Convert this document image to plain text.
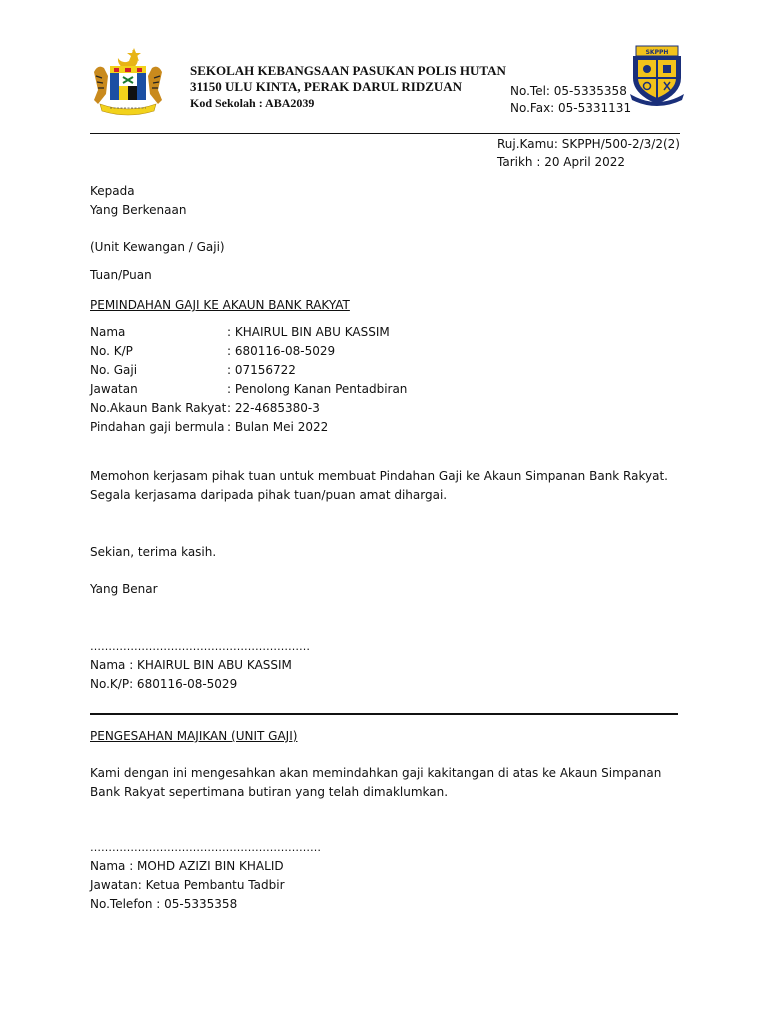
SEKOLAH KEBANGSAAN PASUKAN POLIS HUTAN
31150 ULU KINTA, PERAK DARUL RIDZUAN
Kod Sekolah : ABA2039
No.Tel: 05-5335358
No.Fax: 05-5331131
SKPPH
Ruj.Kamu: SKPPH/500-2/3/2(2)
Tarikh : 20 April 2022
Kepada
Yang Berkenaan
(Unit Kewangan / Gaji)
Tuan/Puan
PEMINDAHAN GAJI KE AKAUN BANK RAKYAT
Nama	: KHAIRUL BIN ABU KASSIM
No. K/P	: 680116-08-5029
No. Gaji	: 07156722
Jawatan	: Penolong Kanan Pentadbiran
No.Akaun Bank Rakyat : 22-4685380-3
Pindahan gaji bermula : Bulan Mei 2022
Memohon kerjasam pihak tuan untuk membuat Pindahan Gaji ke Akaun Simpanan Bank Rakyat. Segala kerjasama daripada pihak tuan/puan amat dihargai.
Sekian, terima kasih.
Yang Benar
……………………………………………………
Nama : KHAIRUL BIN ABU KASSIM
No.K/P: 680116-08-5029
PENGESAHAN MAJIKAN (UNIT GAJI)
Kami dengan ini mengesahkan akan memindahkan gaji kakitangan di atas ke Akaun Simpanan Bank Rakyat sepertimana butiran yang telah dimaklumkan.
………………………………………………………
Nama : MOHD AZIZI BIN KHALID
Jawatan: Ketua Pembantu Tadbir
No.Telefon : 05-5335358
